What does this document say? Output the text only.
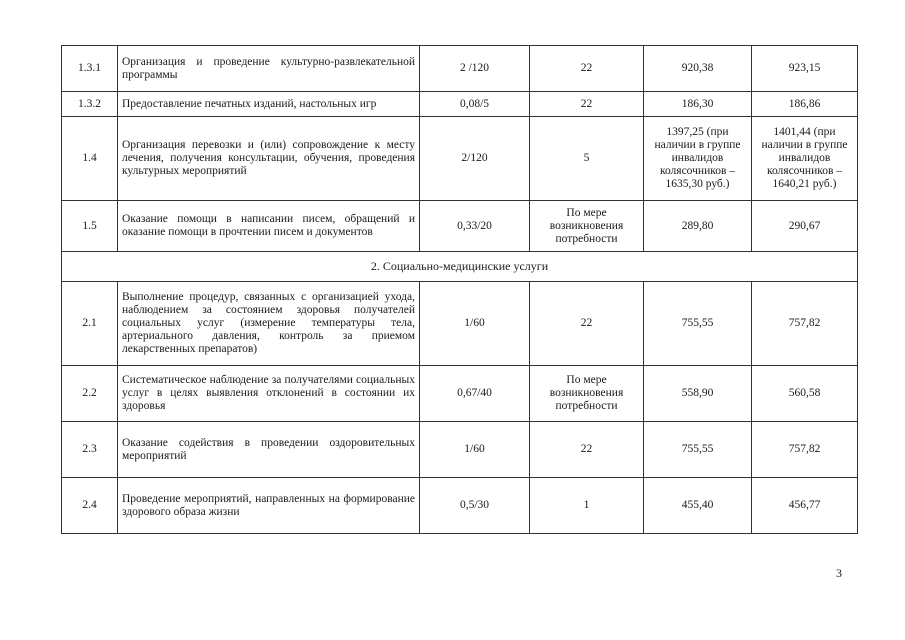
1.3.1	Организация и проведение культурно-развлекательной программы	2 /120	22	920,38	923,15
1.3.2	Предоставление печатных изданий, настольных игр	0,08/5	22	186,30	186,86
1.4	Организация перевозки и (или) сопровождение к месту лечения, получения консультации, обучения, проведения культурных мероприятий	2/120	5	1397,25 (при наличии в группе инвалидов колясочников – 1635,30 руб.)	1401,44 (при наличии в группе инвалидов колясочников – 1640,21 руб.)
1.5	Оказание помощи в написании писем, обращений и оказание помощи в прочтении писем и документов	0,33/20	По мере возникновения потребности	289,80	290,67
2. Социально-медицинские услуги					
2.1	Выполнение процедур, связанных с организацией ухода, наблюдением за состоянием здоровья получателей социальных услуг (измерение температуры тела, артериального давления, контроль за приемом лекарственных препаратов)	1/60	22	755,55	757,82
2.2	Систематическое наблюдение за получателями социальных услуг в целях выявления отклонений в состоянии их здоровья	0,67/40	По мере возникновения потребности	558,90	560,58
2.3	Оказание содействия в проведении оздоровительных мероприятий	1/60	22	755,55	757,82
2.4	Проведение мероприятий, направленных на формирование здорового образа жизни	0,5/30	1	455,40	456,77
3
